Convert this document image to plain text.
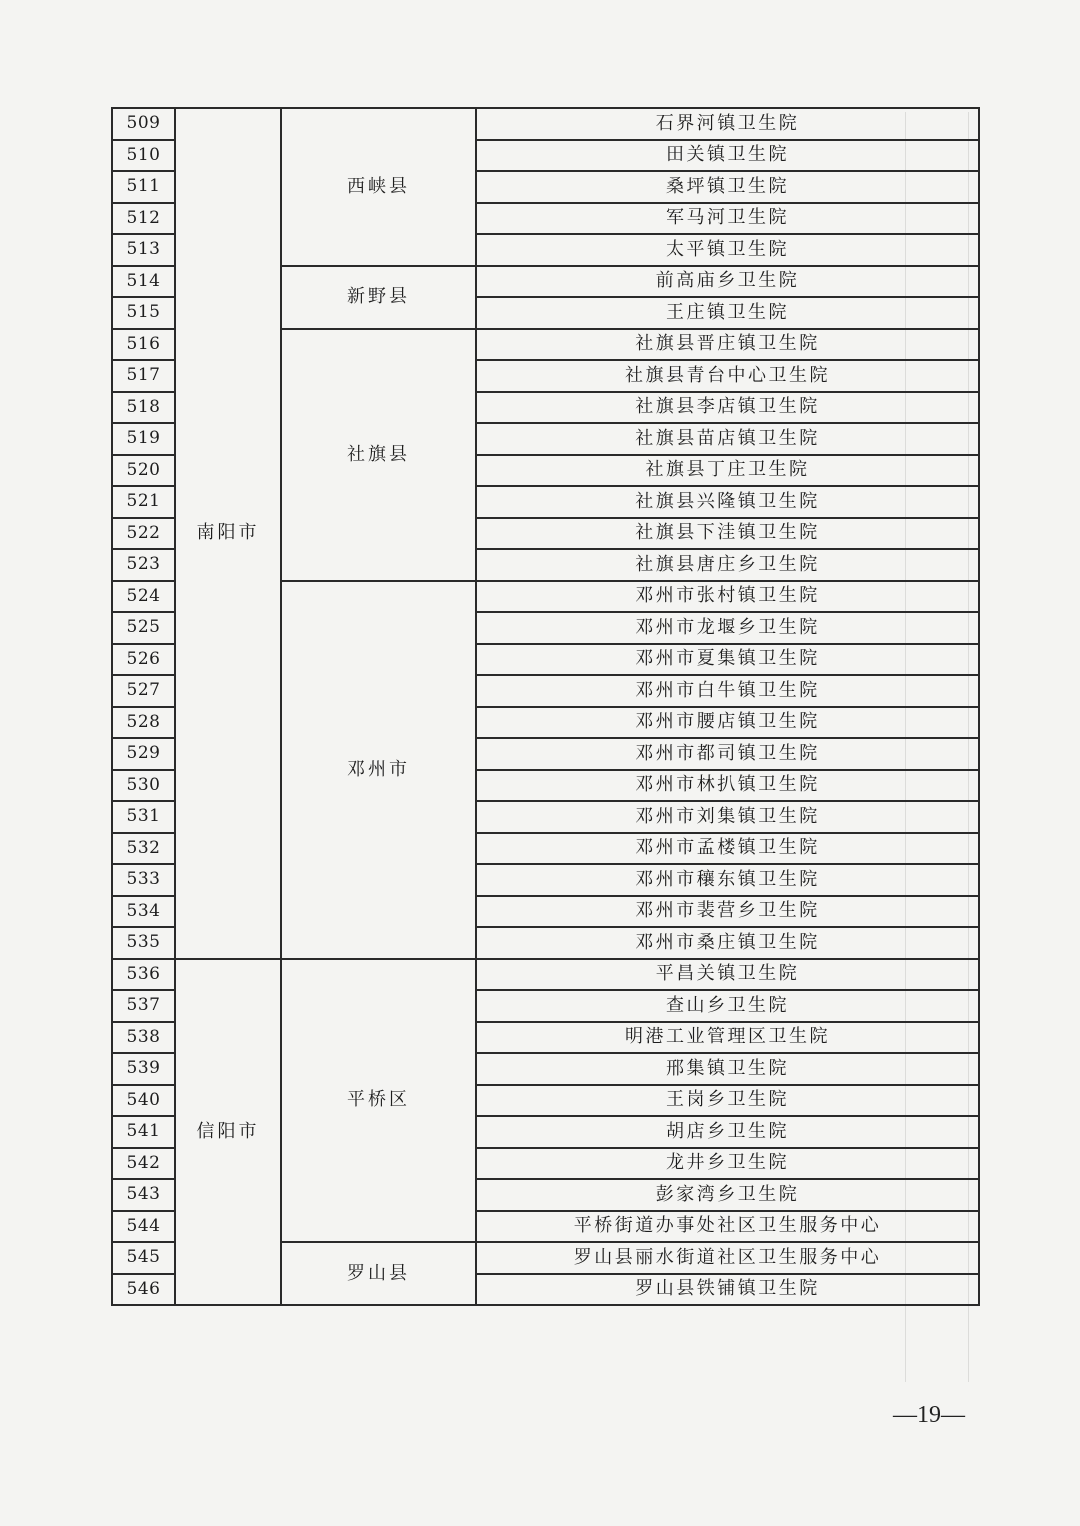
509	南阳市	西峡县	石界河镇卫生院
510			田关镇卫生院
511			桑坪镇卫生院
512			军马河卫生院
513			太平镇卫生院
514		新野县	前高庙乡卫生院
515			王庄镇卫生院
516		社旗县	社旗县晋庄镇卫生院
517			社旗县青台中心卫生院
518			社旗县李店镇卫生院
519			社旗县苗店镇卫生院
520			社旗县丁庄卫生院
521			社旗县兴隆镇卫生院
522			社旗县下洼镇卫生院
523			社旗县唐庄乡卫生院
524		邓州市	邓州市张村镇卫生院
525			邓州市龙堰乡卫生院
526			邓州市夏集镇卫生院
527			邓州市白牛镇卫生院
528			邓州市腰店镇卫生院
529			邓州市都司镇卫生院
530			邓州市林扒镇卫生院
531			邓州市刘集镇卫生院
532			邓州市孟楼镇卫生院
533			邓州市穰东镇卫生院
534			邓州市裴营乡卫生院
535			邓州市桑庄镇卫生院
536	信阳市	平桥区	平昌关镇卫生院
537			查山乡卫生院
538			明港工业管理区卫生院
539			邢集镇卫生院
540			王岗乡卫生院
541			胡店乡卫生院
542			龙井乡卫生院
543			彭家湾乡卫生院
544			平桥街道办事处社区卫生服务中心
545		罗山县	罗山县丽水街道社区卫生服务中心
546			罗山县铁铺镇卫生院
—19—
